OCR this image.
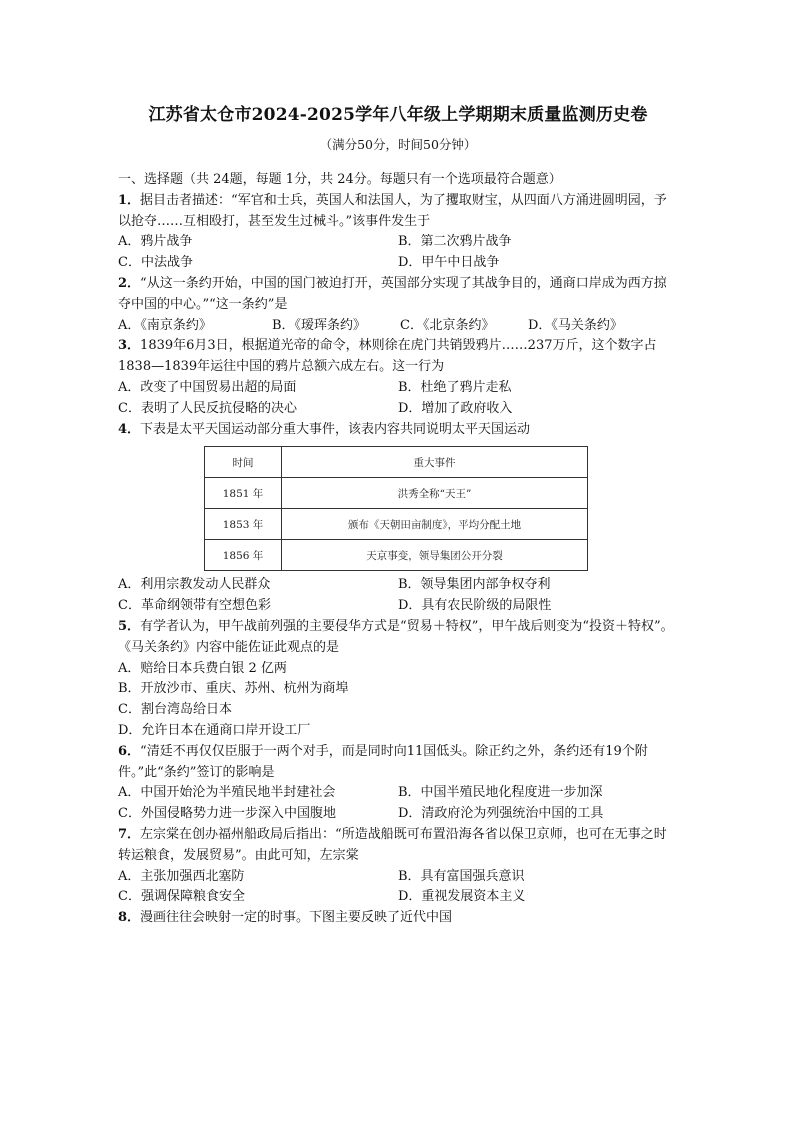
江苏省太仓市2024-2025学年八年级上学期期末质量监测历史卷
（满分50分，时间50分钟）
一、选择题（共 24题，每题 1分，共 24分。每题只有一个选项最符合题意）
1．据目击者描述：“军官和士兵，英国人和法国人，为了攫取财宝，从四面八方涌进圆明园，予以抢夺……互相殴打，甚至发生过械斗。”该事件发生于
A．鸦片战争	B．第二次鸦片战争
C．中法战争	D．甲午中日战争
2．“从这一条约开始，中国的国门被迫打开，英国部分实现了其战争目的，通商口岸成为西方掠夺中国的中心。”“这一条约”是
A．《南京条约》	B．《瑷珲条约》	C．《北京条约》	D．《马关条约》
3．1839年6月3日，根据道光帝的命令，林则徐在虎门共销毁鸦片……237万斤，这个数字占1838—1839年运往中国的鸦片总额六成左右。这一行为
A．改变了中国贸易出超的局面	B．杜绝了鸦片走私
C．表明了人民反抗侵略的决心	D．增加了政府收入
4．下表是太平天国运动部分重大事件，该表内容共同说明太平天国运动
时间	重大事件
1851 年	洪秀全称“天王”
1853 年	颁布《天朝田亩制度》，平均分配土地
1856 年	天京事变，领导集团公开分裂
A．利用宗教发动人民群众	B．领导集团内部争权夺利
C．革命纲领带有空想色彩	D．具有农民阶级的局限性
5．有学者认为，甲午战前列强的主要侵华方式是“贸易＋特权”，甲午战后则变为“投资＋特权”。《马关条约》内容中能佐证此观点的是
A．赔给日本兵费白银 2 亿两
B．开放沙市、重庆、苏州、杭州为商埠
C．割台湾岛给日本
D．允许日本在通商口岸开设工厂
6．“清廷不再仅仅臣服于一两个对手，而是同时向11国低头。除正约之外，条约还有19个附件。”此“条约”签订的影响是
A．中国开始沦为半殖民地半封建社会	B．中国半殖民地化程度进一步加深
C．外国侵略势力进一步深入中国腹地	D．清政府沦为列强统治中国的工具
7．左宗棠在创办福州船政局后指出：“所造战船既可布置沿海各省以保卫京师，也可在无事之时转运粮食，发展贸易”。由此可知，左宗棠
A．主张加强西北塞防	B．具有富国强兵意识
C．强调保障粮食安全	D．重视发展资本主义
8．漫画往往会映射一定的时事。下图主要反映了近代中国
